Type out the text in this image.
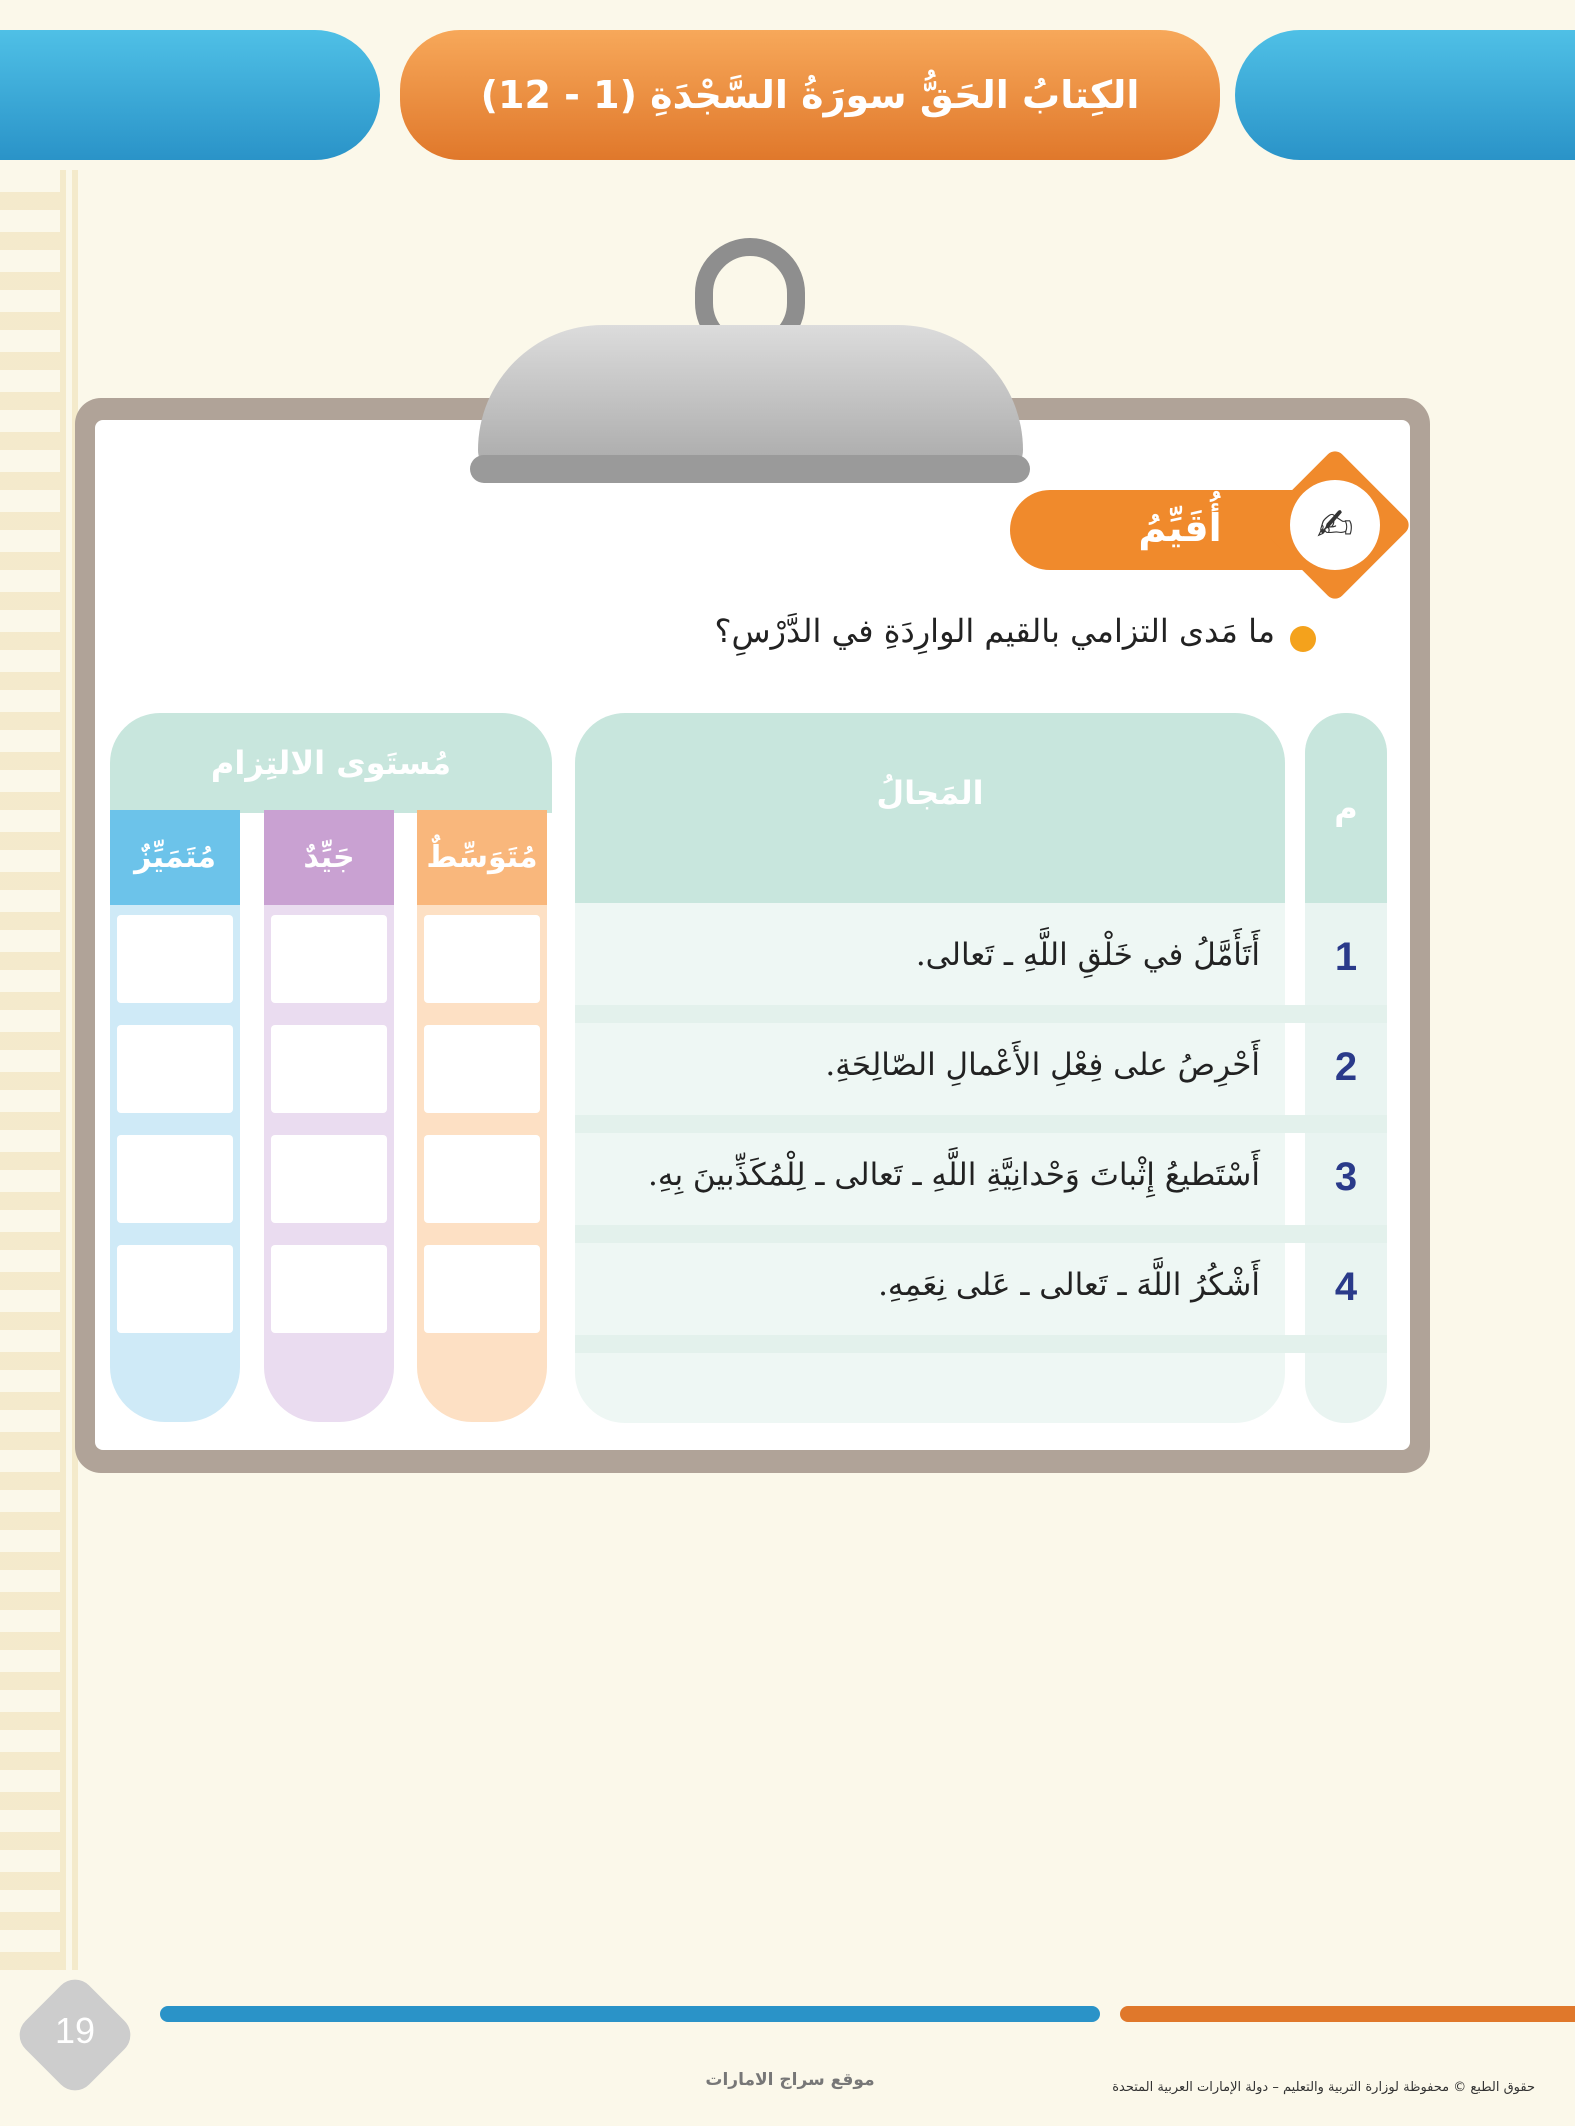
الكِتابُ الحَقُّ سورَةُ السَّجْدَةِ (1 - 12)
✍
أُقَيِّمُ ذاتي:
ما مَدى التزامي بالقيم الوارِدَةِ في الدَّرْسِ؟
م
المَجالُ
مُستَوى الالتِزام
1
أَتَأَمَّلُ في خَلْقِ اللَّهِ ـ تَعالى.
2
أَحْرِصُ على فِعْلِ الأَعْمالِ الصّالِحَةِ.
3
أَسْتَطيعُ إِثْباتَ وَحْدانِيَّةِ اللَّهِ ـ تَعالى ـ لِلْمُكَذِّبينَ بِهِ.
4
أَشْكُرُ اللَّهَ ـ تَعالى ـ عَلى نِعَمِهِ.
مُتَوَسِّطٌ
جَيِّدٌ
مُتَمَيِّزٌ
19
موقع سراج الامارات	حقوق الطبع © محفوظة لوزارة التربية والتعليم – دولة الإمارات العربية المتحدة
